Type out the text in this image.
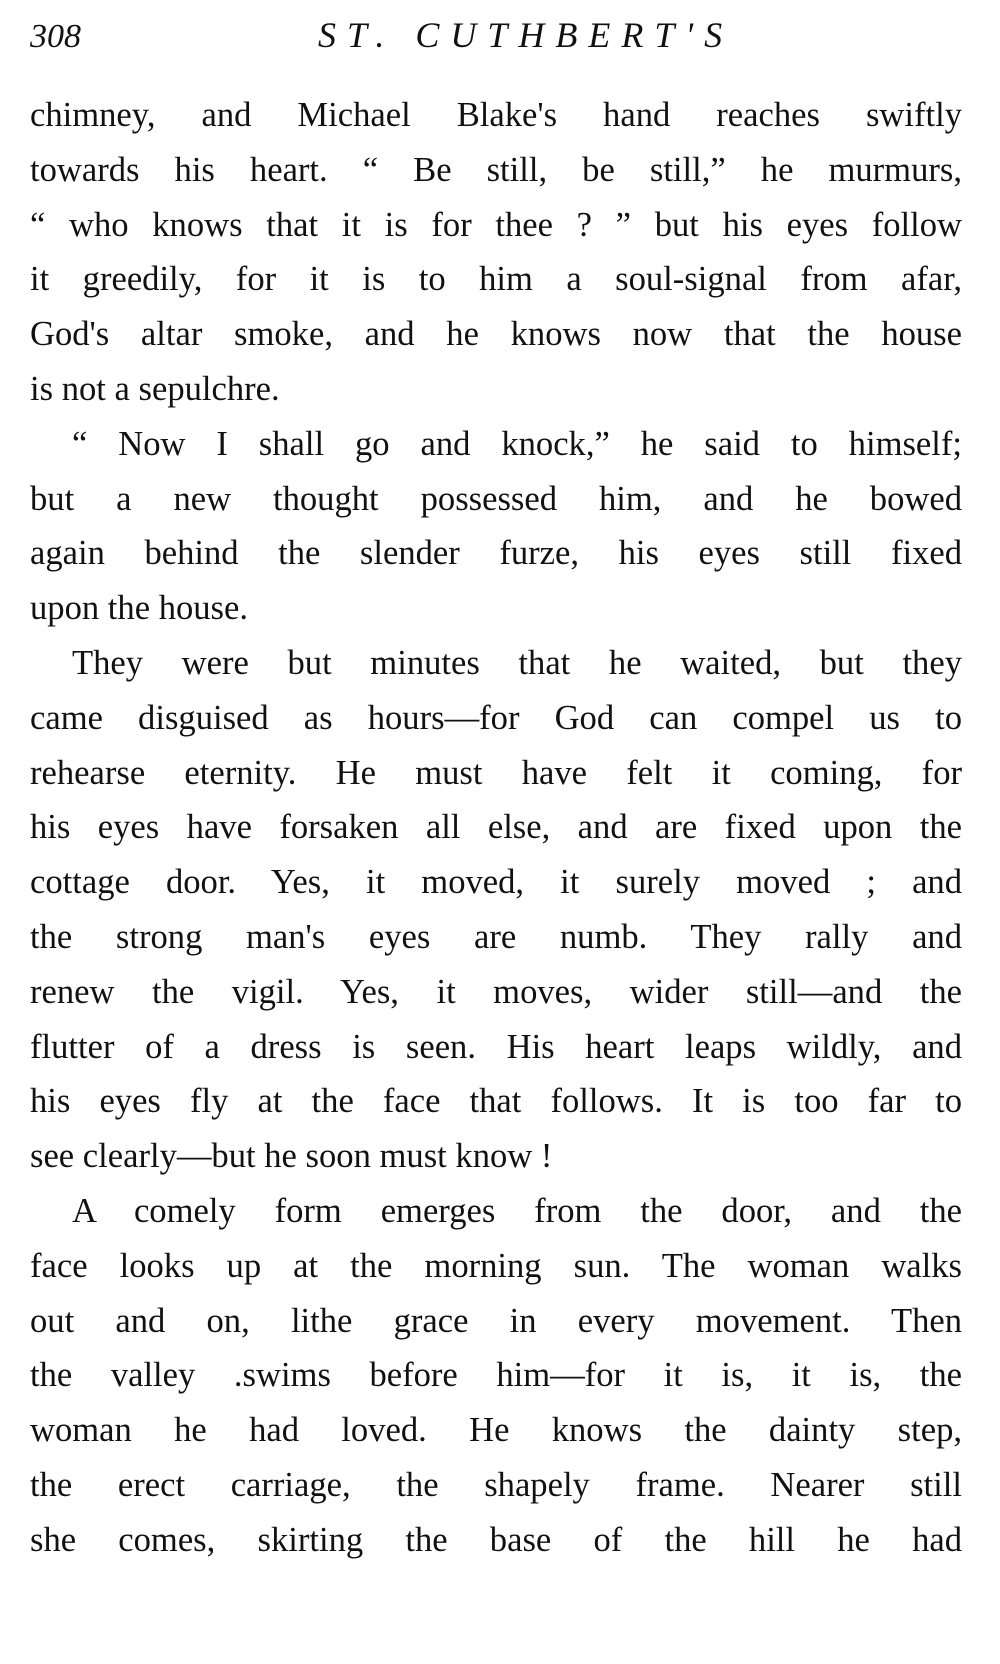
308	ST. CUTHBERT'S
chimney, and Michael Blake's hand reaches swiftly
towards his heart. “ Be still, be still,” he murmurs,
“ who knows that it is for thee ? ” but his eyes follow
it greedily, for it is to him a soul-signal from afar,
God's altar smoke, and he knows now that the house
is not a sepulchre.
“ Now I shall go and knock,” he said to himself;
but a new thought possessed him, and he bowed
again behind the slender furze, his eyes still fixed
upon the house.
They were but minutes that he waited, but they
came disguised as hours—for God can compel us to
rehearse eternity. He must have felt it coming, for
his eyes have forsaken all else, and are fixed upon the
cottage door. Yes, it moved, it surely moved ; and
the strong man's eyes are numb. They rally and
renew the vigil. Yes, it moves, wider still—and the
flutter of a dress is seen. His heart leaps wildly, and
his eyes fly at the face that follows. It is too far to
see clearly—but he soon must know !
A comely form emerges from the door, and the
face looks up at the morning sun. The woman walks
out and on, lithe grace in every movement. Then
the valley .swims before him—for it is, it is, the
woman he had loved. He knows the dainty step,
the erect carriage, the shapely frame. Nearer still
she comes, skirting the base of the hill he had
